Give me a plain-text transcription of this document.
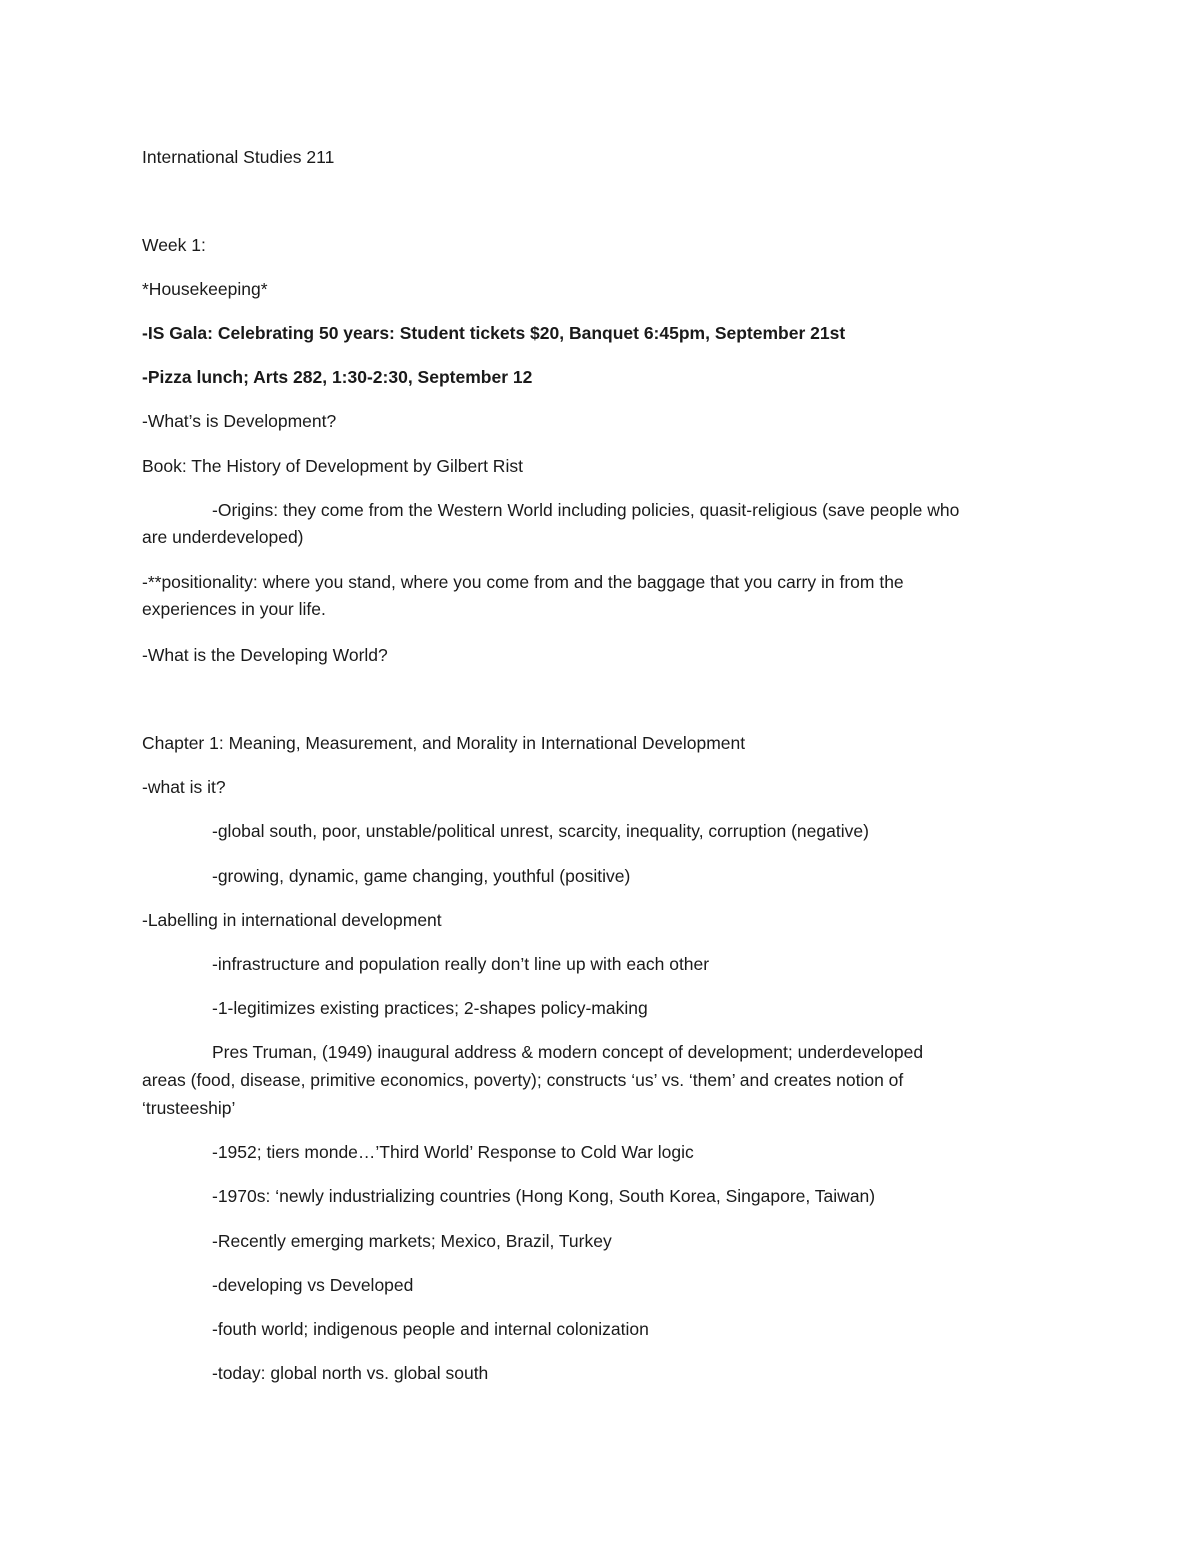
International Studies 211
Week 1:
*Housekeeping*
-IS Gala: Celebrating 50 years: Student tickets $20, Banquet 6:45pm, September 21st
-Pizza lunch; Arts 282, 1:30-2:30, September 12
-What’s is Development?
Book: The History of Development by Gilbert Rist
-Origins: they come from the Western World including policies, quasit-religious (save people who
are underdeveloped)
-**positionality: where you stand, where you come from and the baggage that you carry in from the
experiences in your life.
-What is the Developing World?
Chapter 1: Meaning, Measurement, and Morality in International Development
-what is it?
-global south, poor, unstable/political unrest, scarcity, inequality, corruption (negative)
-growing, dynamic, game changing, youthful (positive)
-Labelling in international development
-infrastructure and population really don’t line up with each other
-1-legitimizes existing practices; 2-shapes policy-making
Pres Truman, (1949) inaugural address & modern concept of development; underdeveloped
areas (food, disease, primitive economics, poverty); constructs ‘us’ vs. ‘them’ and creates notion of
‘trusteeship’
-1952; tiers monde…’Third World’ Response to Cold War logic
-1970s: ‘newly industrializing countries (Hong Kong, South Korea, Singapore, Taiwan)
-Recently emerging markets; Mexico, Brazil, Turkey
-developing vs Developed
-fouth world; indigenous people and internal colonization
-today: global north vs. global south
